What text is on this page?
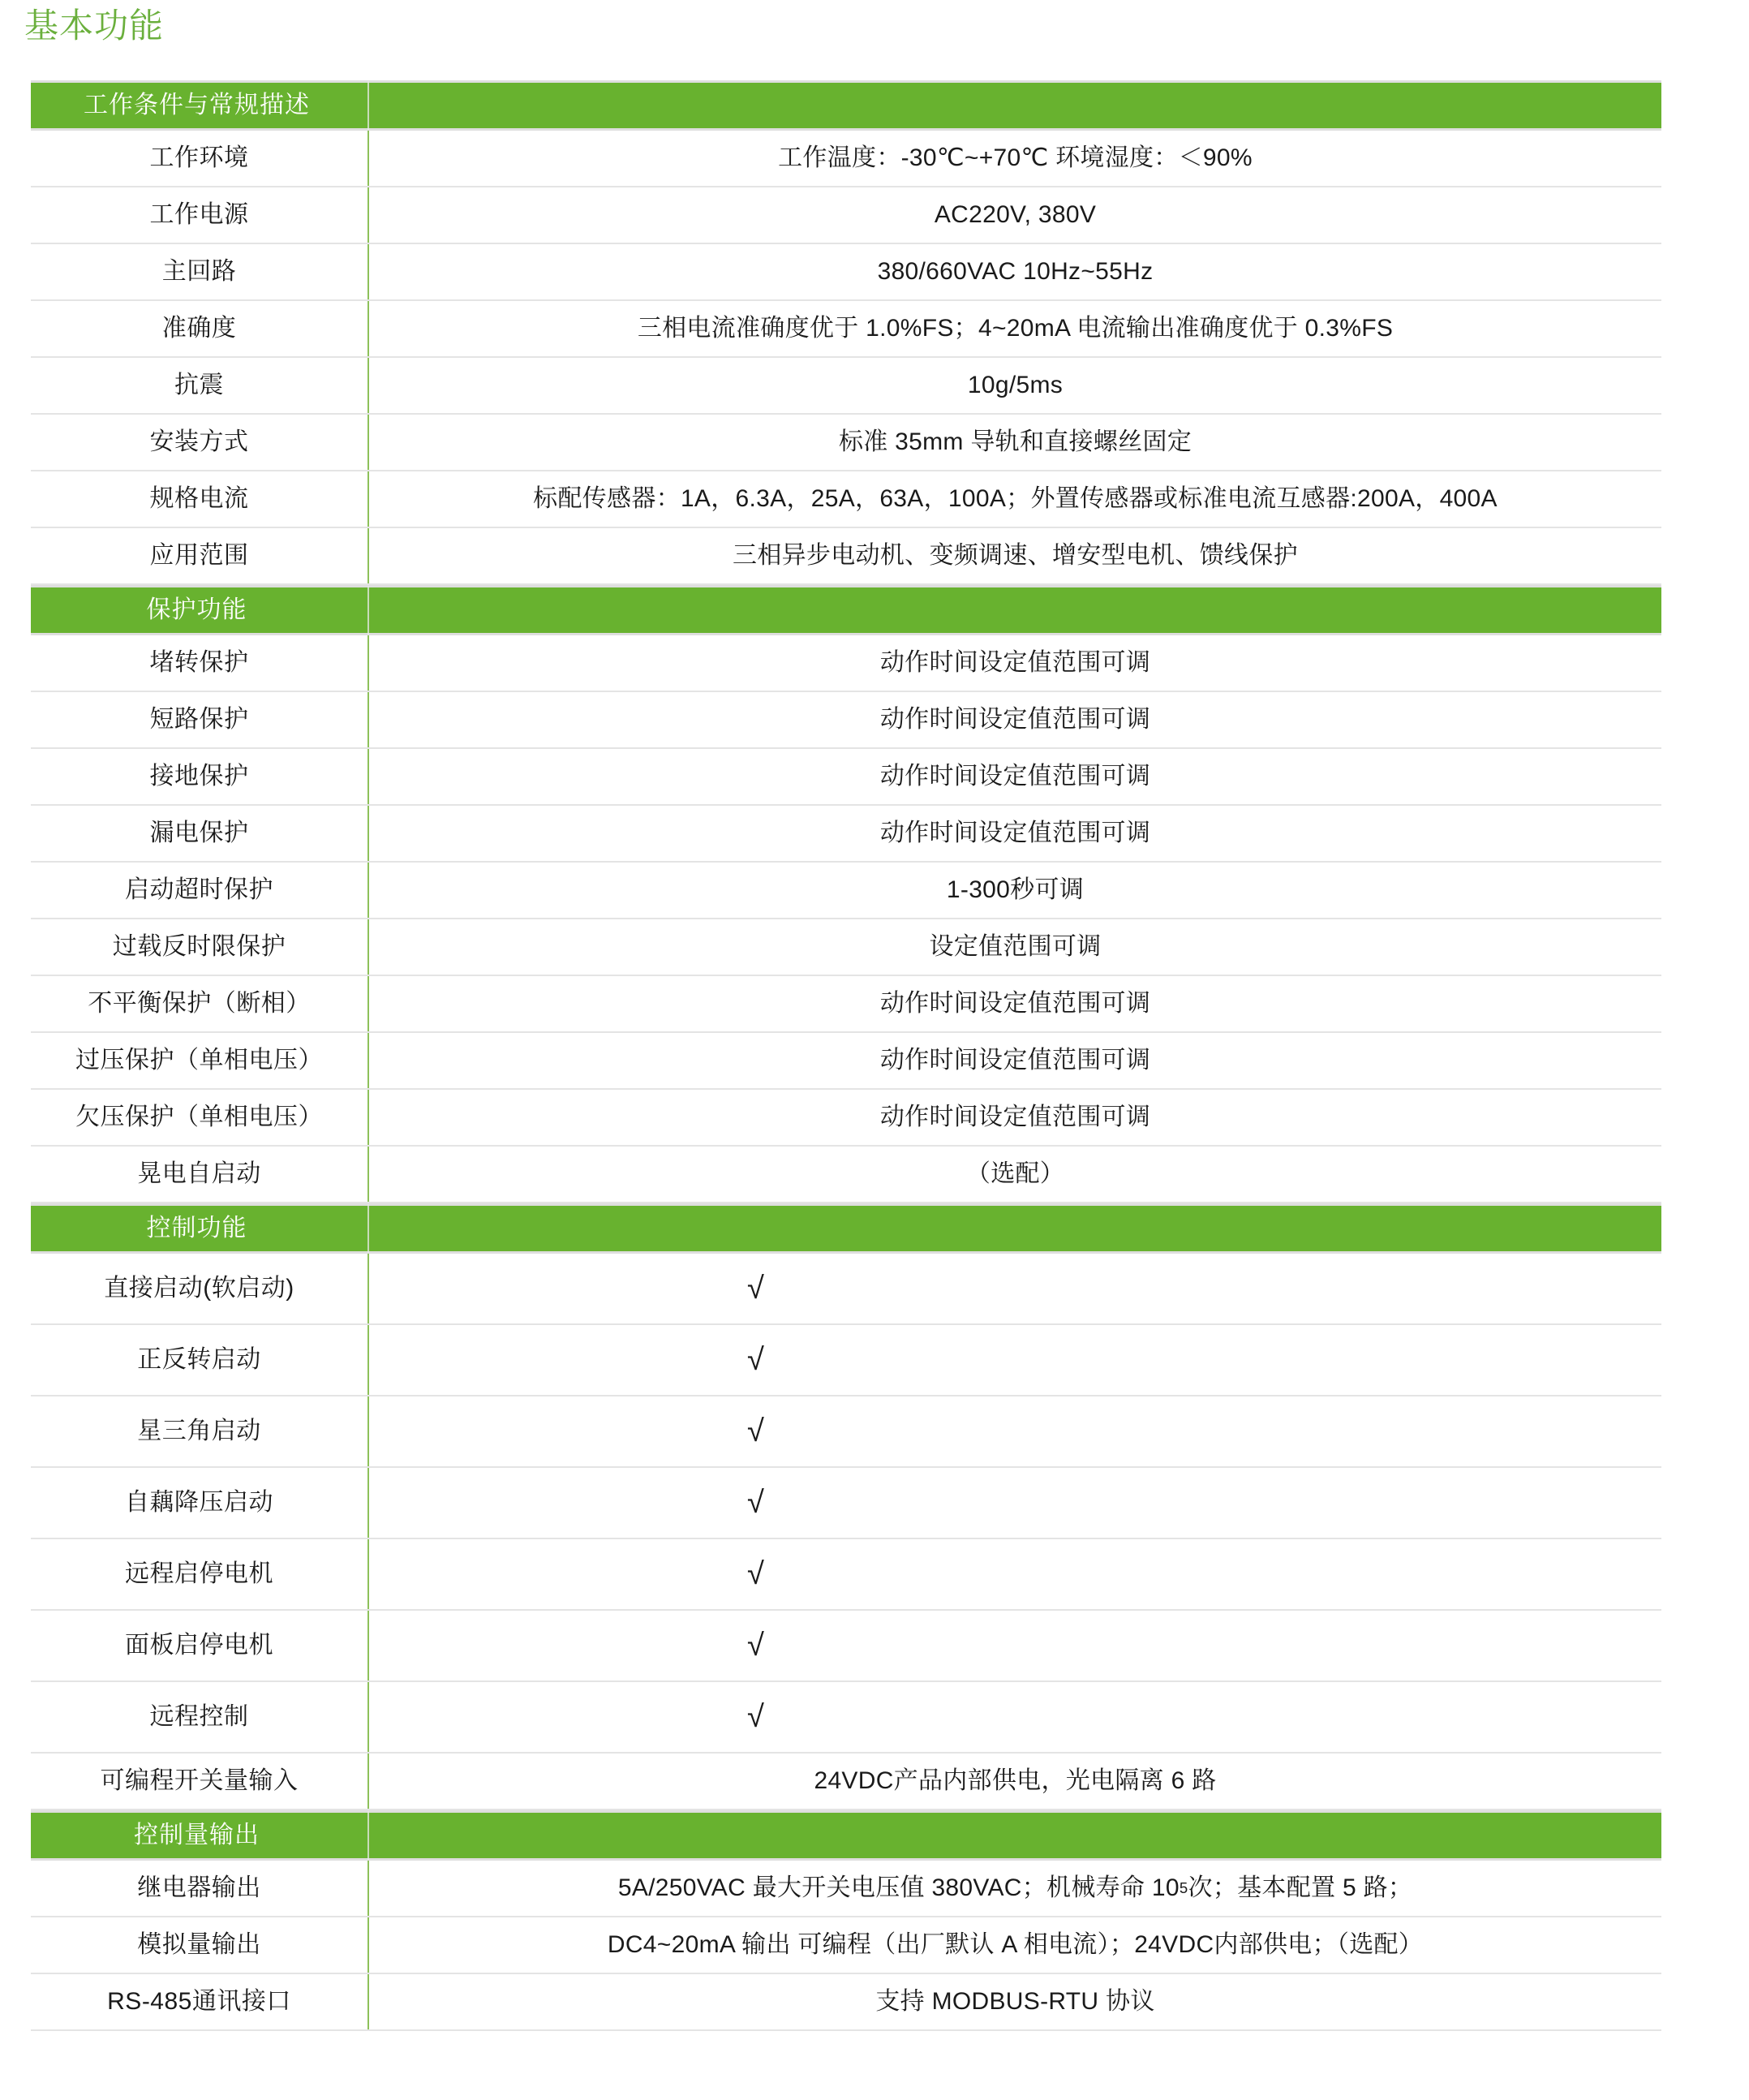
基本功能
工作条件与常规描述
工作环境	工作温度：-30℃~+70℃ 环境湿度：＜90%
工作电源	AC220V, 380V
主回路	380/660VAC 10Hz~55Hz
准确度	三相电流准确度优于 1.0%FS；4~20mA 电流输出准确度优于 0.3%FS
抗震	10g/5ms
安装方式	标准 35mm 导轨和直接螺丝固定
规格电流	标配传感器：1A，6.3A，25A，63A，100A；外置传感器或标准电流互感器:200A，400A
应用范围	三相异步电动机、变频调速、增安型电机、馈线保护
保护功能
堵转保护	动作时间设定值范围可调
短路保护	动作时间设定值范围可调
接地保护	动作时间设定值范围可调
漏电保护	动作时间设定值范围可调
启动超时保护	1-300秒可调
过载反时限保护	设定值范围可调
不平衡保护（断相）	动作时间设定值范围可调
过压保护（单相电压）	动作时间设定值范围可调
欠压保护（单相电压）	动作时间设定值范围可调
晃电自启动	（选配）
控制功能
直接启动(软启动)	√
正反转启动	√
星三角启动	√
自藕降压启动	√
远程启停电机	√
面板启停电机	√
远程控制	√
可编程开关量输入	24VDC产品内部供电，光电隔离 6 路
控制量输出
继电器输出	5A/250VAC 最大开关电压值 380VAC；机械寿命 10 5 次；基本配置 5 路；
模拟量输出	DC4~20mA 输出 可编程（出厂默认 A 相电流）；24VDC内部供电；（选配）
RS-485通讯接口	支持 MODBUS-RTU 协议
